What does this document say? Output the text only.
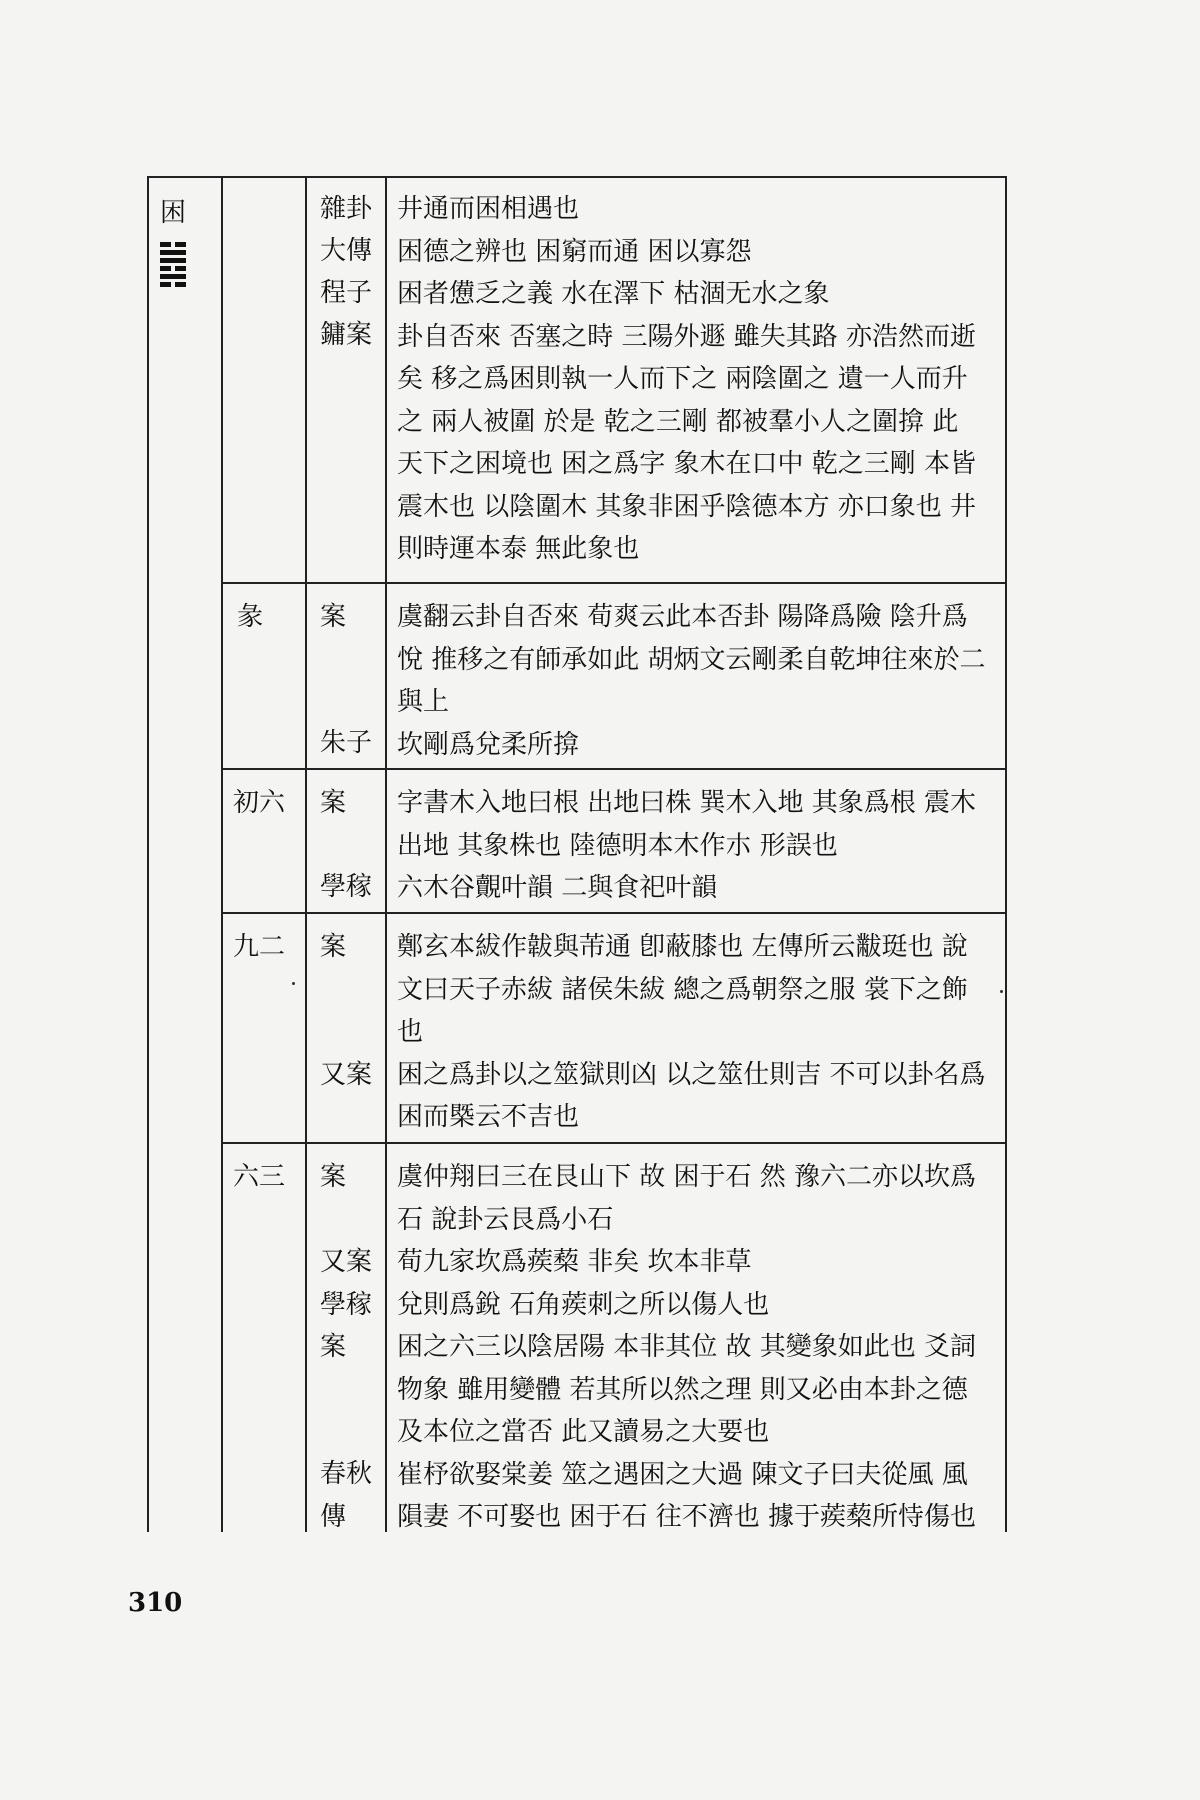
困	雜卦
大傳
程子
鏞案
井通而困相遇也
困德之辨也 困窮而通 困以寡怨
困者憊乏之義 水在澤下 枯涸无水之象
卦自否來 否塞之時 三陽外遯 雖失其路 亦浩然而逝
矣 移之爲困則執一人而下之 兩陰圍之 遺一人而升
之 兩人被圍 於是 乾之三剛 都被羣小人之圍揜 此
天下之困境也 困之爲字 象木在口中 乾之三剛 本皆
震木也 以陰圍木 其象非困乎陰德本方 亦口象也 井
則時運本泰 無此象也
彖 案
朱子
虞翻云卦自否來 荀爽云此本否卦 陽降爲險 陰升爲
悅 推移之有師承如此 胡炳文云剛柔自乾坤往來於二
與上
坎剛爲兌柔所揜
初六 案
學稼
字書木入地曰根 出地曰株 巽木入地 其象爲根 震木
出地 其象株也 陸德明本木作朩 形誤也
六木谷覿叶韻 二與食祀叶韻
九二 案
又案
鄭玄本紱作韍與芾通 卽蔽膝也 左傳所云黻珽也 說
文曰天子赤紱 諸侯朱紱 總之爲朝祭之服 裳下之飾
也
困之爲卦以之筮獄則凶 以之筮仕則吉 不可以卦名爲
困而槩云不吉也
六三 案
又案
學稼
案
春秋
傳
虞仲翔曰三在艮山下 故 困于石 然 豫六二亦以坎爲
石 說卦云艮爲小石
荀九家坎爲蒺蔾 非矣 坎本非草
兌則爲銳 石角蒺刺之所以傷人也
困之六三以陰居陽 本非其位 故 其變象如此也 爻詞
物象 雖用變體 若其所以然之理 則又必由本卦之德
及本位之當否 此又讀易之大要也
崔杼欲娶棠姜 筮之遇困之大過 陳文子曰夫從風 風
隕妻 不可娶也 困于石 往不濟也 據于蒺蔾所恃傷也
310
